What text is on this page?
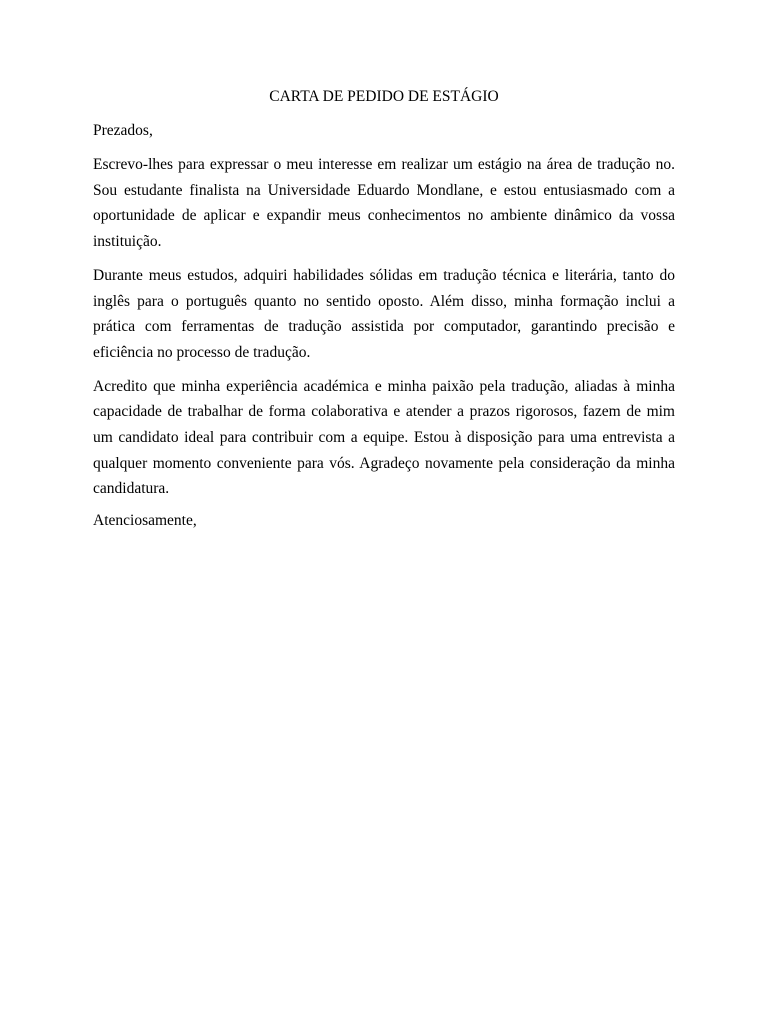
CARTA DE PEDIDO DE ESTÁGIO

Prezados,

Escrevo-lhes para expressar o meu interesse em realizar um estágio na área de tradução no. Sou estudante finalista na Universidade Eduardo Mondlane, e estou entusiasmado com a oportunidade de aplicar e expandir meus conhecimentos no ambiente dinâmico da vossa instituição.

Durante meus estudos, adquiri habilidades sólidas em tradução técnica e literária, tanto do inglês para o português quanto no sentido oposto. Além disso, minha formação inclui a prática com ferramentas de tradução assistida por computador, garantindo precisão e eficiência no processo de tradução.

Acredito que minha experiência académica e minha paixão pela tradução, aliadas à minha capacidade de trabalhar de forma colaborativa e atender a prazos rigorosos, fazem de mim um candidato ideal para contribuir com a equipe. Estou à disposição para uma entrevista a qualquer momento conveniente para vós. Agradeço novamente pela consideração da minha candidatura.

Atenciosamente,
